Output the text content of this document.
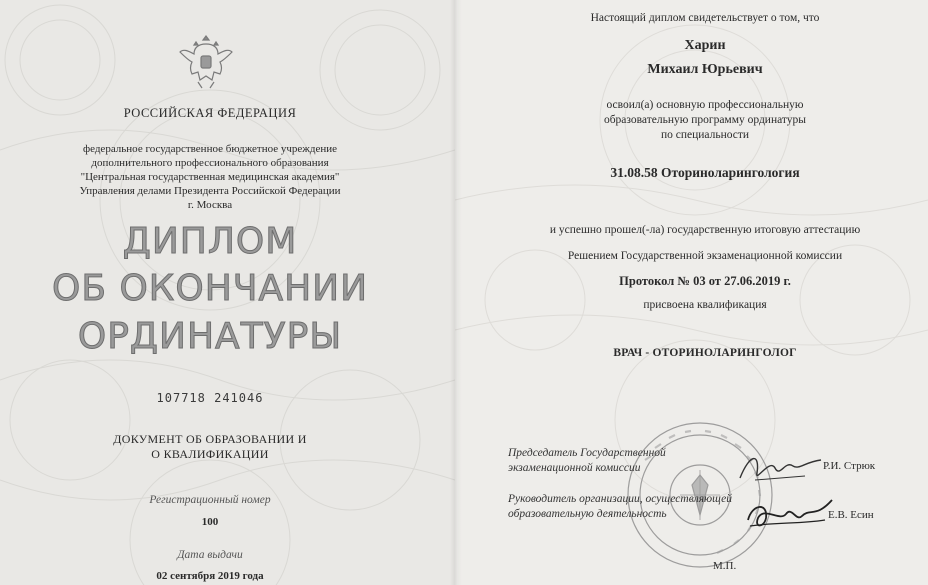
РОССИЙСКАЯ ФЕДЕРАЦИЯ
федеральное государственное бюджетное учреждение
дополнительного профессионального образования
"Центральная государственная медицинская академия"
Управления делами Президента Российской Федерации
г. Москва
ДИПЛОМ
ОБ ОКОНЧАНИИ
ОРДИНАТУРЫ
107718 241046
ДОКУМЕНТ ОБ ОБРАЗОВАНИИ И
О КВАЛИФИКАЦИИ
Регистрационный номер
100
Дата выдачи
02 сентября 2019 года
Настоящий диплом свидетельствует о том, что
Харин
Михаил Юрьевич
освоил(а) основную профессиональную
образовательную программу ординатуры
по специальности
31.08.58 Оториноларингология
и успешно прошел(-ла) государственную итоговую аттестацию
Решением Государственной экзаменационной комиссии
Протокол № 03 от 27.06.2019 г.
присвоена квалификация
ВРАЧ - ОТОРИНОЛАРИНГОЛОГ
Председатель Государственной
экзаменационной комиссии	Р.И. Стрюк
Руководитель организации, осуществляющей
образовательную деятельность	Е.В. Есин
М.П.
